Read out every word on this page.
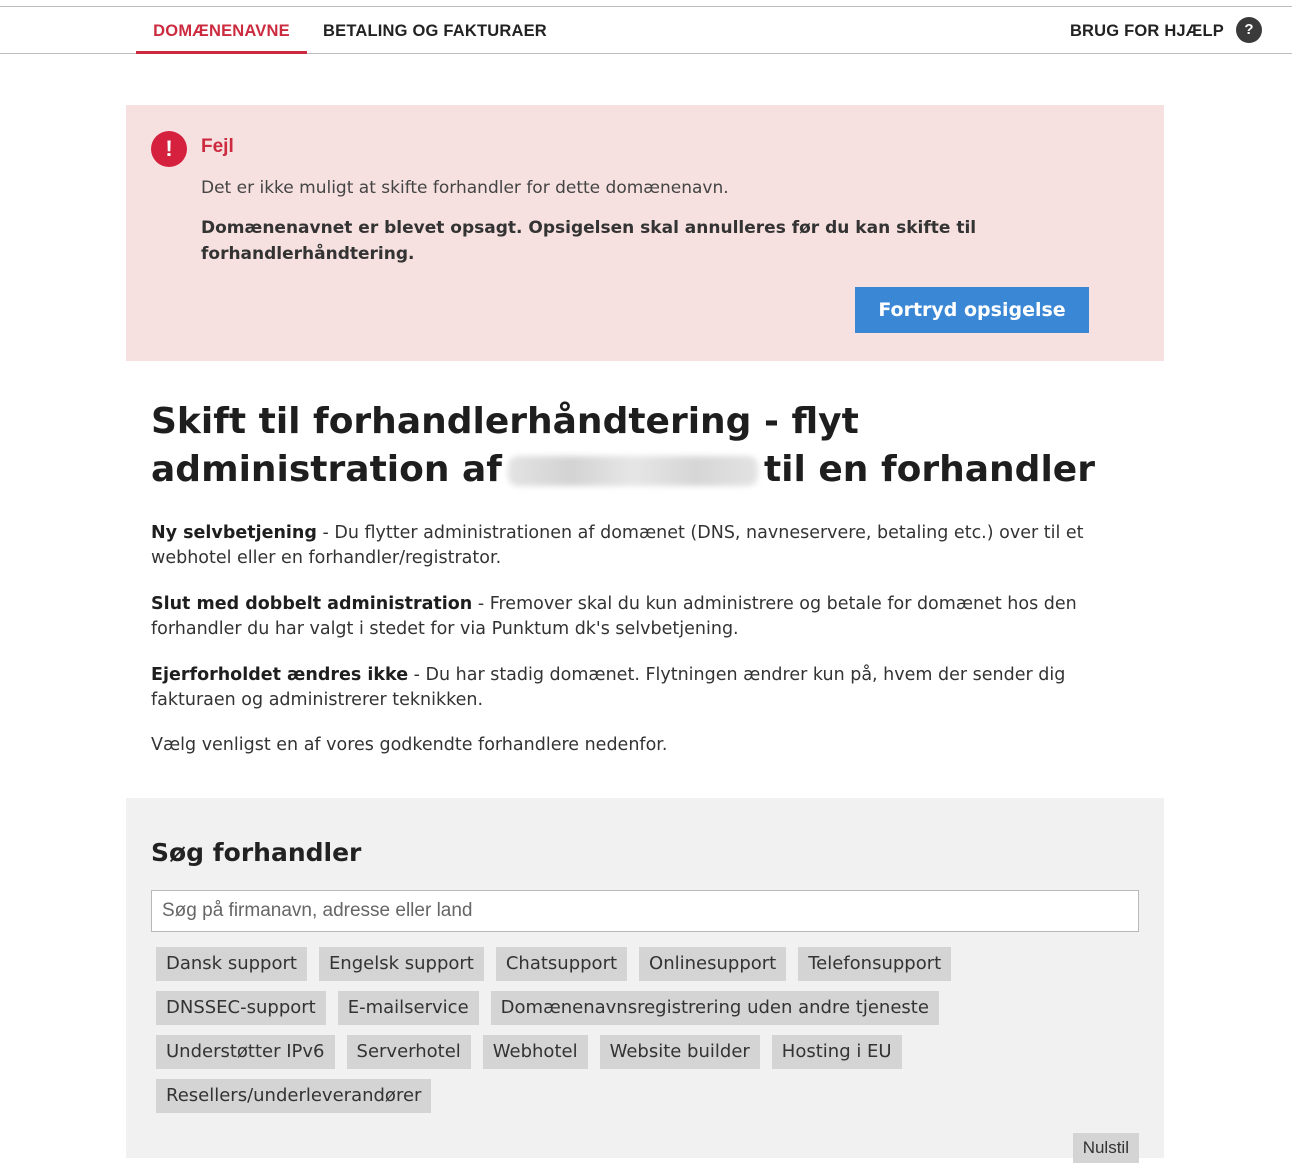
DOMÆNENAVNE	BETALING OG FAKTURAER	BRUG FOR HJÆLP	?
!	Fejl
Det er ikke muligt at skifte forhandler for dette domænenavn.
Domænenavnet er blevet opsagt. Opsigelsen skal annulleres før du kan skifte til forhandlerhåndtering.
Fortryd opsigelse
Skift til forhandlerhåndtering - flyt administration af	til en forhandler

Ny selvbetjening - Du flytter administrationen af domænet (DNS, navneservere, betaling etc.) over til et webhotel eller en forhandler/registrator.

Slut med dobbelt administration - Fremover skal du kun administrere og betale for domænet hos den forhandler du har valgt i stedet for via Punktum dk's selvbetjening.

Ejerforholdet ændres ikke - Du har stadig domænet. Flytningen ændrer kun på, hvem der sender dig fakturaen og administrerer teknikken.

Vælg venligst en af vores godkendte forhandlere nedenfor.

Søg forhandler
Søg på firmanavn, adresse eller land
Dansk support Engelsk support Chatsupport Onlinesupport Telefonsupport
DNSSEC-support E-mailservice Domænenavnsregistrering uden andre tjeneste
Understøtter IPv6 Serverhotel Webhotel Website builder Hosting i EU
Resellers/underleverandører
Nulstil
